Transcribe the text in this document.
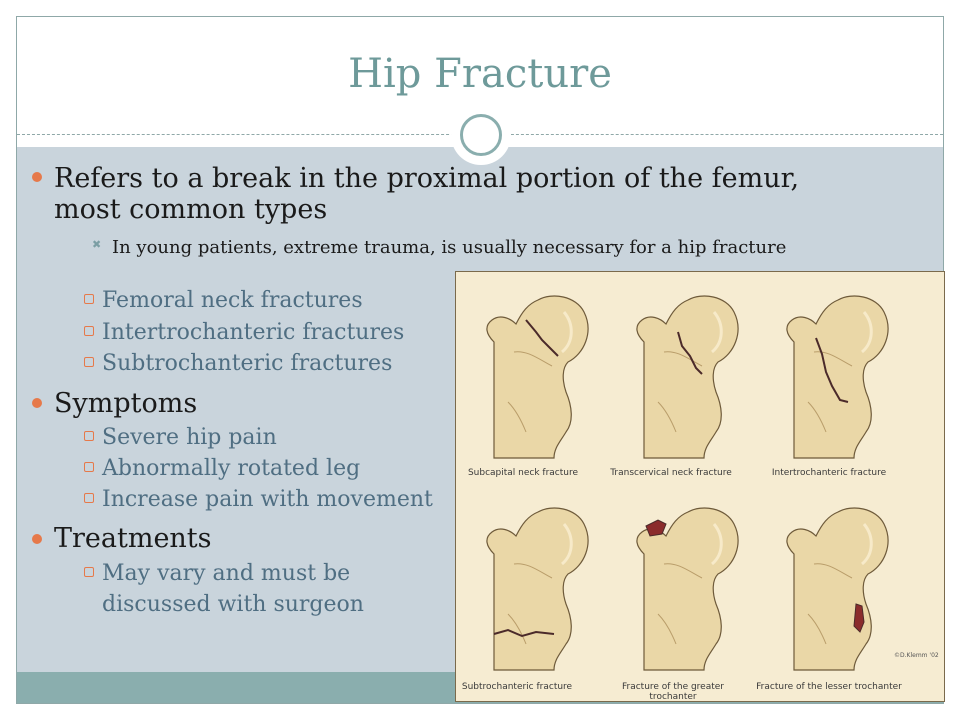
Hip Fracture
Refers to a break in the proximal portion of the femur, most common types
✖ In young patients, extreme trauma, is usually necessary for a hip fracture
Femoral neck fractures
Intertrochanteric fractures
Subtrochanteric fractures
Symptoms
Severe hip pain
Abnormally rotated leg
Increase pain with movement
Treatments
May vary and must be
discussed with surgeon
Subcapital neck fracture	Transcervical neck fracture	Intertrochanteric fracture
Subtrochanteric fracture	Fracture of the greater trochanter
Fracture of the lesser trochanter
©D.Klemm '02
